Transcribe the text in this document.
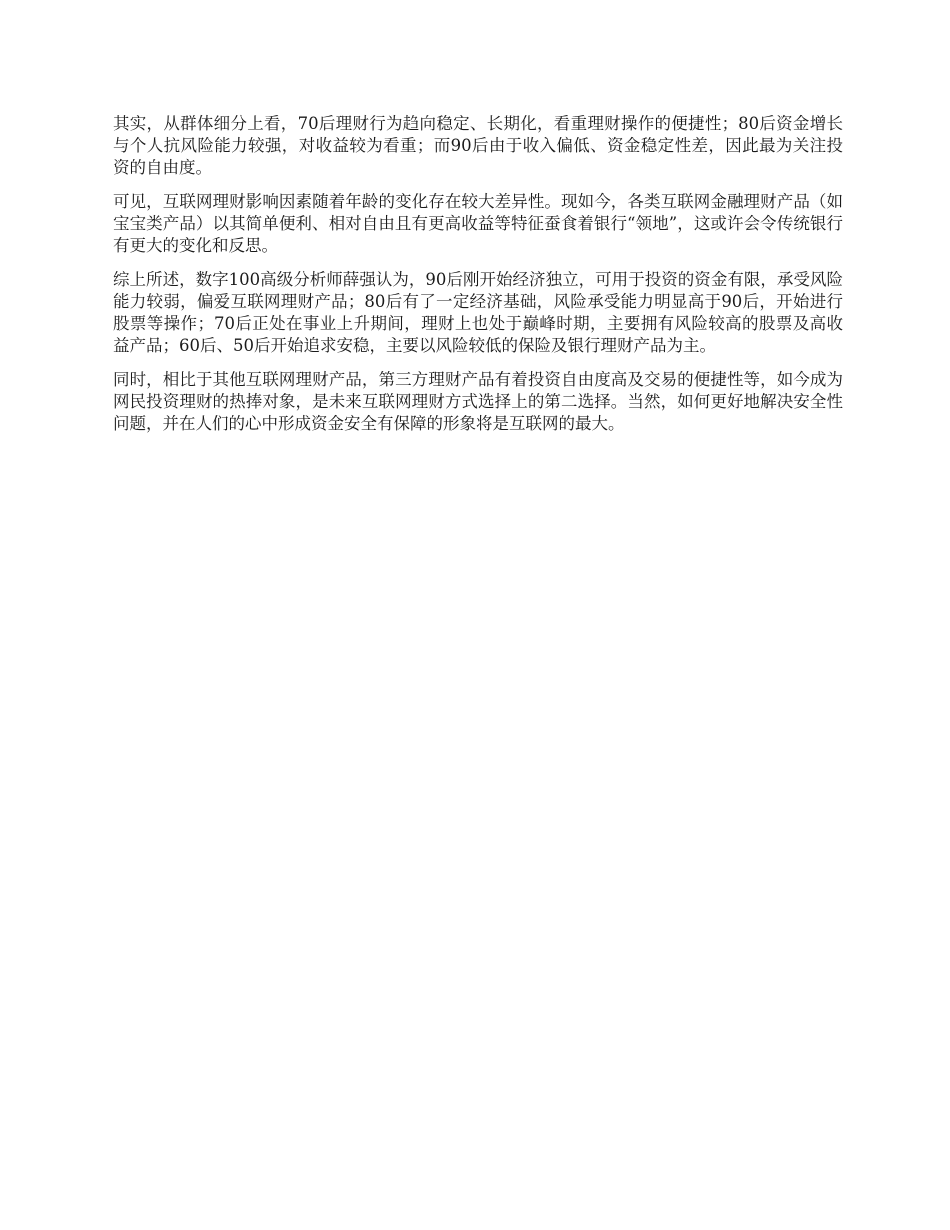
其实，从群体细分上看，70后理财行为趋向稳定、长期化，看重理财操作的便捷性；80后资金增长与个人抗风险能力较强，对收益较为看重；而90后由于收入偏低、资金稳定性差，因此最为关注投资的自由度。

可见，互联网理财影响因素随着年龄的变化存在较大差异性。现如今，各类互联网金融理财产品（如宝宝类产品）以其简单便利、相对自由且有更高收益等特征蚕食着银行“领地”，这或许会令传统银行有更大的变化和反思。

综上所述，数字100高级分析师薛强认为，90后刚开始经济独立，可用于投资的资金有限，承受风险能力较弱，偏爱互联网理财产品；80后有了一定经济基础，风险承受能力明显高于90后，开始进行股票等操作；70后正处在事业上升期间，理财上也处于巅峰时期，主要拥有风险较高的股票及高收益产品；60后、50后开始追求安稳，主要以风险较低的保险及银行理财产品为主。

同时，相比于其他互联网理财产品，第三方理财产品有着投资自由度高及交易的便捷性等，如今成为网民投资理财的热捧对象，是未来互联网理财方式选择上的第二选择。当然，如何更好地解决安全性问题，并在人们的心中形成资金安全有保障的形象将是互联网的最大。
